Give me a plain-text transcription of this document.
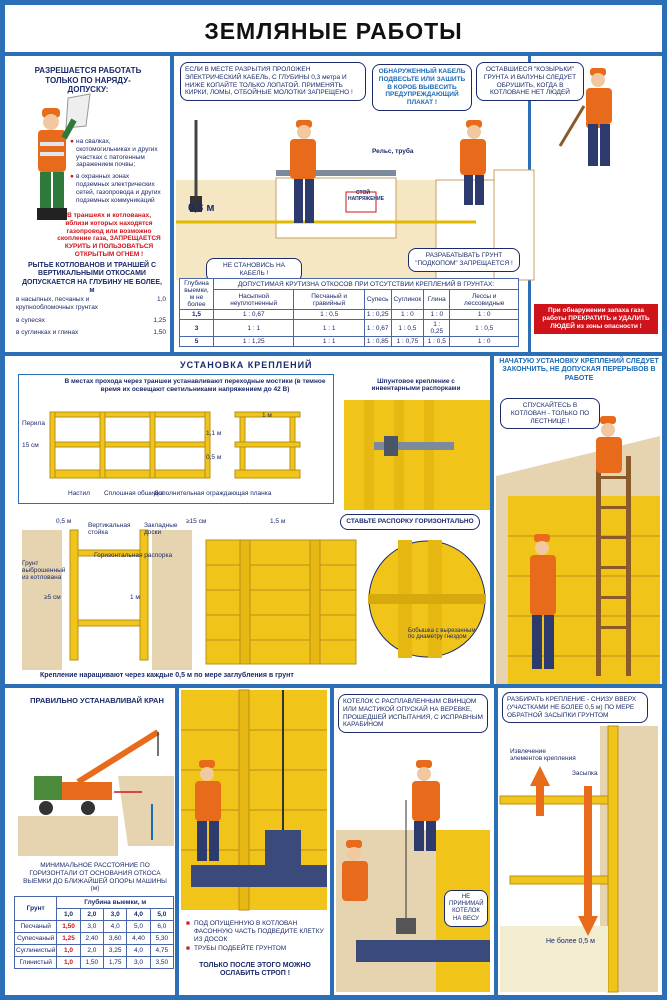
ЗЕМЛЯНЫЕ РАБОТЫ
РАЗРЕШАЕТСЯ РАБОТАТЬ ТОЛЬКО ПО НАРЯДУ-ДОПУСКУ:
● на свалках, скотомогильниках и других участках с патогенным заражением почвы;
● в охранных зонах подземных электрических сетей, газопровода и других подземных коммуникаций
В траншеях и котлованах, вблизи которых находятся газопровод или возможно скопление газа, ЗАПРЕЩАЕТСЯ КУРИТЬ И ПОЛЬЗОВАТЬСЯ ОТКРЫТЫМ ОГНЕМ !
РЫТЬЕ КОТЛОВАНОВ И ТРАНШЕЙ С ВЕРТИКАЛЬНЫМИ ОТКОСАМИ ДОПУСКАЕТСЯ НА ГЛУБИНУ НЕ БОЛЕЕ, м
в насыпных, песчаных и крупнообломочных грунтах
1,0
в супесях	1,25
в суглинках и глинах	1,50
ЕСЛИ В МЕСТЕ РАЗРЫТИЯ ПРОЛОЖЕН ЭЛЕКТРИЧЕСКИЙ КАБЕЛЬ, С ГЛУБИНЫ 0,3 метра И НИЖЕ КОПАЙТЕ ТОЛЬКО ЛОПАТОЙ. ПРИМЕНЯТЬ КИРКИ, ЛОМЫ, ОТБОЙНЫЕ МОЛОТКИ ЗАПРЕЩЕНО !
ОБНАРУЖЕННЫЙ КАБЕЛЬ ПОДВЕСЬТЕ ИЛИ ЗАШИТЬ В КОРОБ ВЫВЕСИТЬ ПРЕДУПРЕЖДАЮЩИЙ ПЛАКАТ !
ОСТАВШИЕСЯ "КОЗЫРЬКИ" ГРУНТА И ВАЛУНЫ СЛЕДУЕТ ОБРУШИТЬ, КОГДА В КОТЛОВАНЕ НЕТ ЛЮДЕЙ
Рельс, труба
0,3 м
СТОЙ НАПРЯЖЕНИЕ
НЕ СТАНОВИСЬ НА КАБЕЛЬ !
РАЗРАБАТЫВАТЬ ГРУНТ "ПОДКОПОМ" ЗАПРЕЩАЕТСЯ !
При обнаружении запаха газа работы ПРЕКРАТИТЬ и УДАЛИТЬ ЛЮДЕЙ из зоны опасности !
Глубина выемки, м не более	ДОПУСТИМАЯ КРУТИЗНА ОТКОСОВ ПРИ ОТСУТСТВИИ КРЕПЛЕНИЙ В ГРУНТАХ:					
	Насыпной неуплотненный	Песчаный и гравийный	Супесь	Суглинок	Глина	Лессы и лессовидные
1,5	1 : 0,67	1 : 0,5	1 : 0,25	1 : 0	1 : 0	1 : 0
3	1 : 1	1 : 1	1 : 0,67	1 : 0,5	1 : 0,25	1 : 0,5
5	1 : 1,25	1 : 1	1 : 0,85	1 : 0,75	1 : 0,5	1 : 0
УСТАНОВКА КРЕПЛЕНИЙ
В местах прохода через траншеи устанавливают переходные мостики (в темное время их освещают светильниками напряжением до 42 В)
Перила
15 см
1,1 м
0,5 м
1 м
Настил Сплошная обшивка
Дополнительная ограждающая планка
Шпунтовое крепление с инвентарными распорками
СТАВЬТЕ РАСПОРКУ ГОРИЗОНТАЛЬНО
Бобышка с вырезанным по диаметру гнездом
0,5 м
Вертикальная стойка
Закладные доски
Горизонтальная распорка
Грунт выброшенный из котлована
≥5 см	1 м
≥15 см	1,5 м
Крепление наращивают через каждые 0,5 м по мере заглубления в грунт
НАЧАТУЮ УСТАНОВКУ КРЕПЛЕНИЙ СЛЕДУЕТ ЗАКОНЧИТЬ, НЕ ДОПУСКАЯ ПЕРЕРЫВОВ В РАБОТЕ
СПУСКАЙТЕСЬ В КОТЛОВАН - ТОЛЬКО ПО ЛЕСТНИЦЕ !
ПРАВИЛЬНО УСТАНАВЛИВАЙ КРАН
МИНИМАЛЬНОЕ РАССТОЯНИЕ ПО ГОРИЗОНТАЛИ ОТ ОСНОВАНИЯ ОТКОСА ВЫЕМКИ ДО БЛИЖАЙШЕЙ ОПОРЫ МАШИНЫ (м)
Грунт	Глубина выемки, м				
	1,0	2,0	3,0	4,0	5,0
Песчаный	1,50	3,0	4,0	5,0	6,0
Супесчаный	1,25	2,40	3,60	4,40	5,30
Суглинистый	1,0	2,0	3,25	4,0	4,75
Глинистый	1,0	1,50	1,75	3,0	3,50
■ ПОД ОПУЩЕННУЮ В КОТЛОВАН ФАСОННУЮ ЧАСТЬ ПОДВЕДИТЕ КЛЕТКУ ИЗ ДОСОК
■ ТРУБЫ ПОДБЕЙТЕ ГРУНТОМ
ТОЛЬКО ПОСЛЕ ЭТОГО МОЖНО ОСЛАБИТЬ СТРОП !
КОТЕЛОК С РАСПЛАВЛЕННЫМ СВИНЦОМ ИЛИ МАСТИКОЙ ОПУСКАЙ НА ВЕРЕВКЕ, ПРОШЕДШЕЙ ИСПЫТАНИЯ, С ИСПРАВНЫМ КАРАБИНОМ
НЕ ПРИНИМАЙ КОТЕЛОК НА ВЕСУ
РАЗБИРАТЬ КРЕПЛЕНИЕ - СНИЗУ ВВЕРХ (УЧАСТКАМИ НЕ БОЛЕЕ 0,5 м) ПО МЕРЕ ОБРАТНОЙ ЗАСЫПКИ ГРУНТОМ
Извлечение элементов крепления
Засыпка
Не более 0,5 м
